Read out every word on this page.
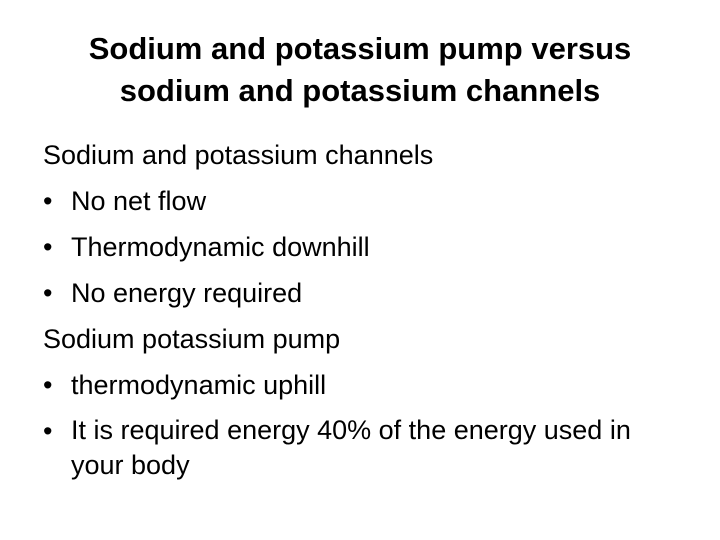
Sodium and potassium pump versus
sodium and potassium channels
Sodium and potassium channels
• No net flow
• Thermodynamic downhill
• No energy required
Sodium potassium pump
• thermodynamic uphill
• It is required energy 40% of the energy used in your body
